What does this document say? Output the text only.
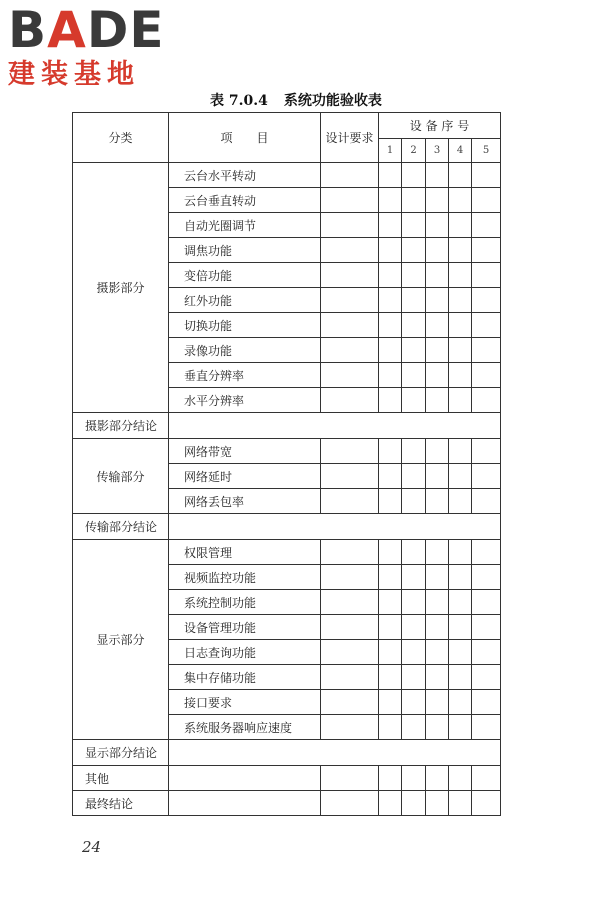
BADE
建装基地
表 7.0.4 系统功能验收表
分类	项　　目	设计要求	设 备 序 号				
			1	2	3	4	5
摄影部分	云台水平转动						
	云台垂直转动						
	自动光圈调节						
	调焦功能						
	变倍功能						
	红外功能						
	切换功能						
	录像功能						
	垂直分辨率						
	水平分辨率						
摄影部分结论							
传输部分	网络带宽						
	网络延时						
	网络丢包率						
传输部分结论							
显示部分	权限管理						
	视频监控功能						
	系统控制功能						
	设备管理功能						
	日志查询功能						
	集中存储功能						
	接口要求						
	系统服务器响应速度						
显示部分结论							
其他							
最终结论							
24
